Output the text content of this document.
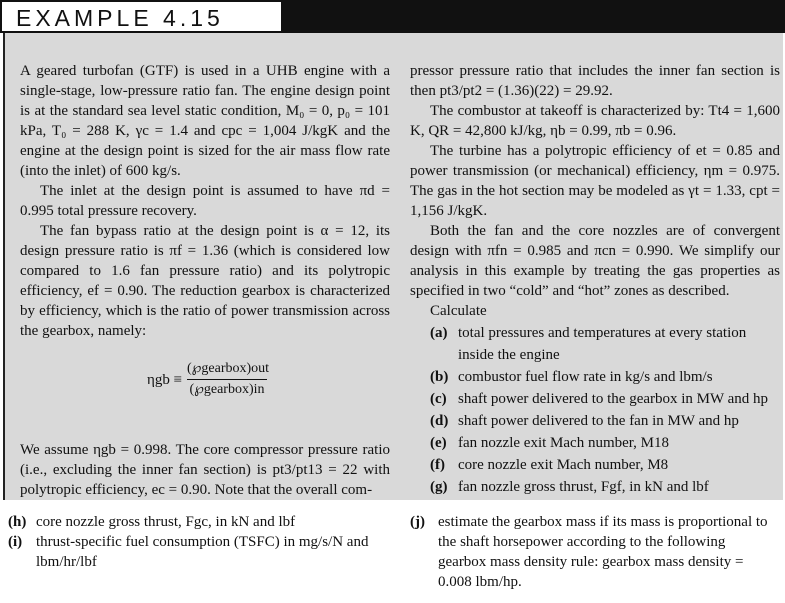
EXAMPLE 4.15

A geared turbofan (GTF) is used in a UHB engine with a single-stage, low-pressure ratio fan. The engine design point is at the standard sea level static condition, M₀ = 0, p₀ = 101 kPa, T₀ = 288 K, γc = 1.4 and cpc = 1,004 J/kgK and the engine at the design point is sized for the air mass flow rate (into the inlet) of 600 kg/s.

The inlet at the design point is assumed to have πd = 0.995 total pressure recovery.

The fan bypass ratio at the design point is α = 12, its design pressure ratio is πf = 1.36 (which is considered low compared to 1.6 fan pressure ratio) and its polytropic efficiency, ef = 0.90. The reduction gearbox is characterized by efficiency, which is the ratio of power transmission across the gearbox, namely:

ηgb ≡
(℘gearbox)out
(℘gearbox)in

We assume ηgb = 0.998. The core compressor pressure ratio (i.e., excluding the inner fan section) is pt3/pt13 = 22 with polytropic efficiency, ec = 0.90. Note that the overall com-

pressor pressure ratio that includes the inner fan section is then pt3/pt2 = (1.36)(22) = 29.92.

The combustor at takeoff is characterized by: Tt4 = 1,600 K, QR = 42,800 kJ/kg, ηb = 0.99, πb = 0.96.

The turbine has a polytropic efficiency of et = 0.85 and power transmission (or mechanical) efficiency, ηm = 0.975. The gas in the hot section may be modeled as γt = 1.33, cpt = 1,156 J/kgK.

Both the fan and the core nozzles are of convergent design with πfn = 0.985 and πcn = 0.990. We simplify our analysis in this example by treating the gas properties as specified in two “cold” and “hot” zones as described.

Calculate

(a) total pressures and temperatures at every station inside the engine
(b) combustor fuel flow rate in kg/s and lbm/s
(c) shaft power delivered to the gearbox in MW and hp
(d) shaft power delivered to the fan in MW and hp
(e) fan nozzle exit Mach number, M18
(f) core nozzle exit Mach number, M8
(g) fan nozzle gross thrust, Fgf, in kN and lbf
(h) core nozzle gross thrust, Fgc, in kN and lbf
(i) thrust-specific fuel consumption (TSFC) in mg/s/N and lbm/hr/lbf
(j) estimate the gearbox mass if its mass is proportional to the shaft horsepower according to the following gearbox mass density rule: gearbox mass density = 0.008 lbm/hp.
